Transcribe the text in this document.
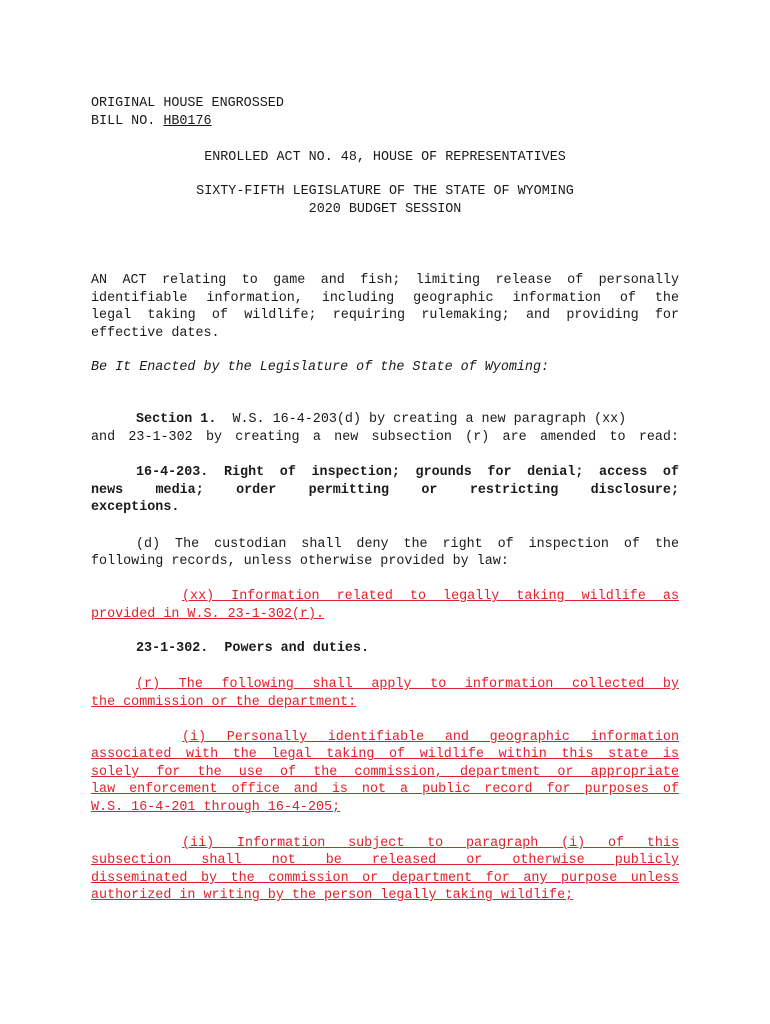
ORIGINAL HOUSE ENGROSSED
BILL NO. HB0176
ENROLLED ACT NO. 48, HOUSE OF REPRESENTATIVES
SIXTY-FIFTH LEGISLATURE OF THE STATE OF WYOMING
2020 BUDGET SESSION
AN ACT relating to game and fish; limiting release of personally
identifiable information, including geographic information of the
legal taking of wildlife; requiring rulemaking; and providing for
effective dates.
Be It Enacted by the Legislature of the State of Wyoming:
Section 1. W.S. 16-4-203(d) by creating a new paragraph (xx)
and 23-1-302 by creating a new subsection (r) are amended to read:
16-4-203. Right of inspection; grounds for denial; access of
news media; order permitting or restricting disclosure;
exceptions.
(d) The custodian shall deny the right of inspection of the
following records, unless otherwise provided by law:
(xx) Information related to legally taking wildlife as
provided in W.S. 23-1-302(r).
23-1-302.  Powers and duties.
(r) The following shall apply to information collected by
the commission or the department:
(i) Personally identifiable and geographic information
associated with the legal taking of wildlife within this state is
solely for the use of the commission, department or appropriate
law enforcement office and is not a public record for purposes of
W.S. 16-4-201 through 16-4-205;
(ii) Information subject to paragraph (i) of this
subsection shall not be released or otherwise publicly
disseminated by the commission or department for any purpose unless
authorized in writing by the person legally taking wildlife;
